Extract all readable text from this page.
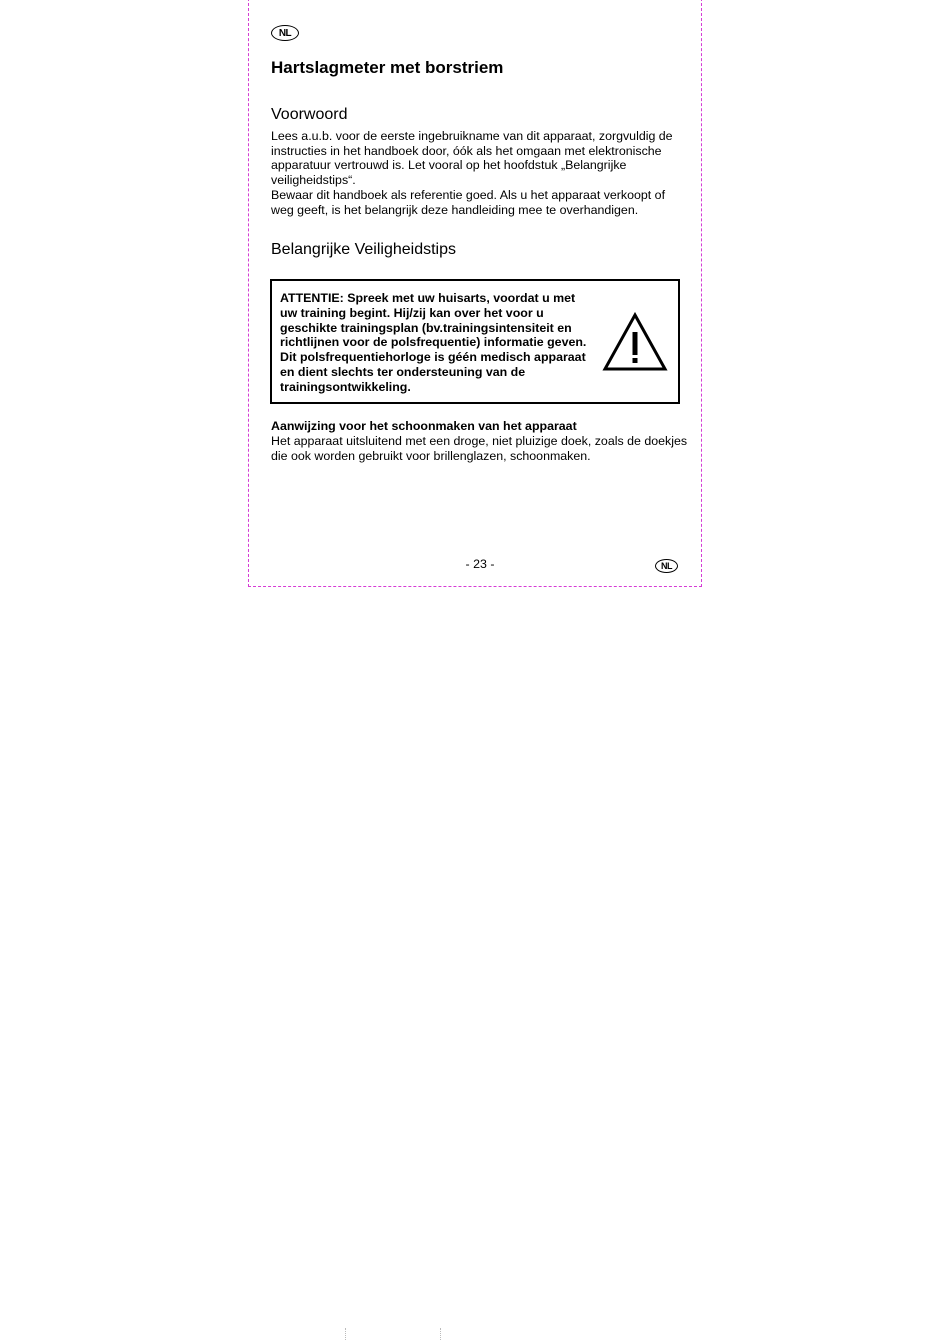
NL
Hartslagmeter met borstriem
Voorwoord

Lees a.u.b. voor de eerste ingebruikname van dit apparaat, zorgvuldig de instructies in het handboek door, óók als het omgaan met elektronische apparatuur vertrouwd is. Let vooral op het hoofdstuk „Belangrijke veiligheidstips“.

Bewaar dit handboek als referentie goed. Als u het apparaat verkoopt of weg geeft, is het belangrijk deze handleiding mee te overhandigen.

Belangrijke Veiligheidstips

ATTENTIE: Spreek met uw huisarts, voordat u met uw training begint. Hij/zij kan over het voor u geschikte trainingsplan (bv.trainingsintensiteit en richtlijnen voor de polsfrequentie) informatie geven. Dit polsfrequentiehorloge is géén medisch apparaat en dient slechts ter ondersteuning van de trainingsontwikkeling.

Aanwijzing voor het schoonmaken van het apparaat

Het apparaat uitsluitend met een droge, niet pluizige doek, zoals de doekjes die ook worden gebruikt voor brillenglazen, schoonmaken.

- 23 -	NL
